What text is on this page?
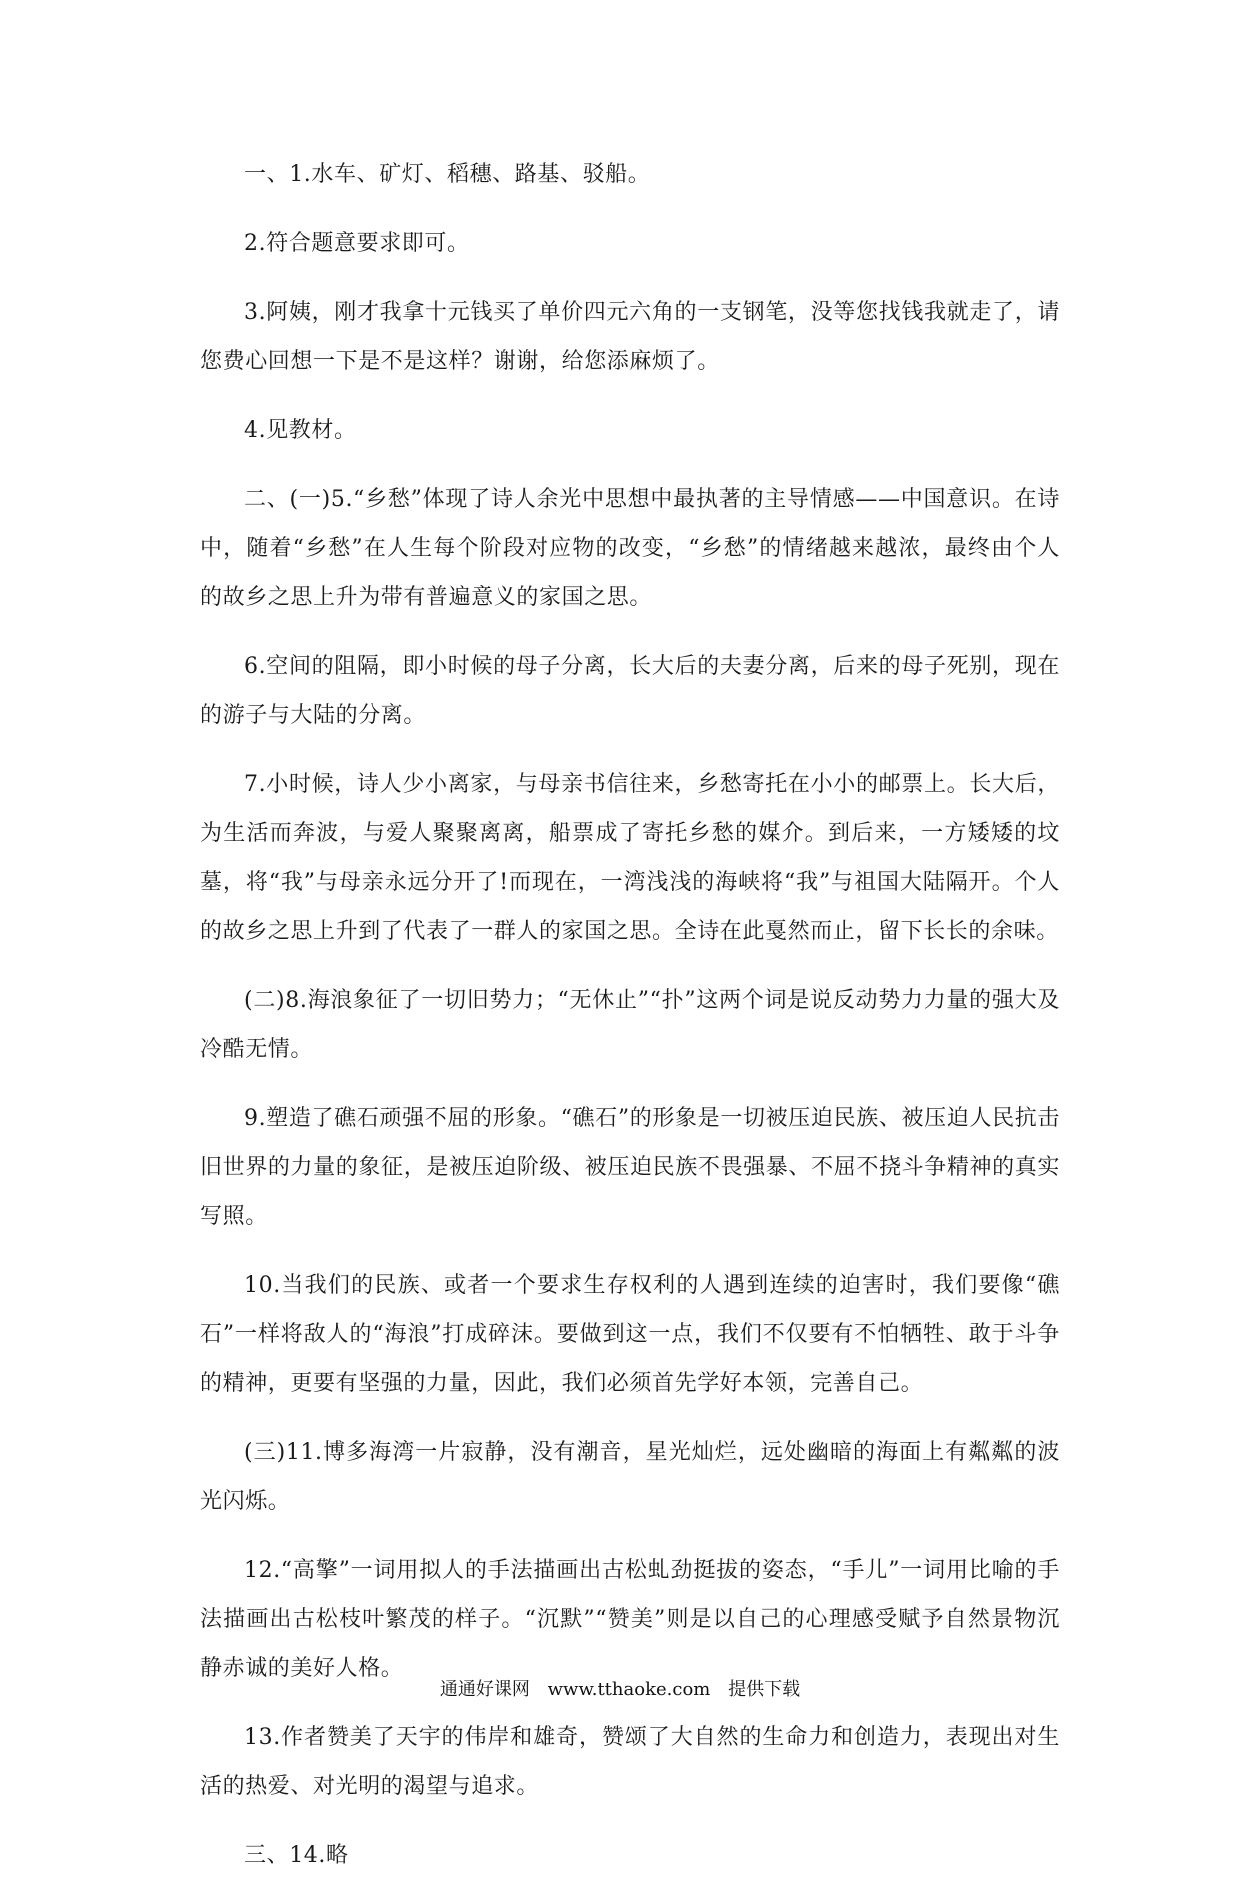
一、1.水车、矿灯、稻穗、路基、驳船。

2.符合题意要求即可。

3.阿姨，刚才我拿十元钱买了单价四元六角的一支钢笔，没等您找钱我就走了，请您费心回想一下是不是这样？谢谢，给您添麻烦了。

4.见教材。

二、(一)5.“乡愁”体现了诗人余光中思想中最执著的主导情感——中国意识。在诗中，随着“乡愁”在人生每个阶段对应物的改变，“乡愁”的情绪越来越浓，最终由个人的故乡之思上升为带有普遍意义的家国之思。

6.空间的阻隔，即小时候的母子分离，长大后的夫妻分离，后来的母子死别，现在的游子与大陆的分离。

7.小时候，诗人少小离家，与母亲书信往来，乡愁寄托在小小的邮票上。长大后，为生活而奔波，与爱人聚聚离离，船票成了寄托乡愁的媒介。到后来，一方矮矮的坟墓，将“我”与母亲永远分开了!而现在，一湾浅浅的海峡将“我”与祖国大陆隔开。个人的故乡之思上升到了代表了一群人的家国之思。全诗在此戛然而止，留下长长的余味。

(二)8.海浪象征了一切旧势力；“无休止”“扑”这两个词是说反动势力力量的强大及冷酷无情。

9.塑造了礁石顽强不屈的形象。“礁石”的形象是一切被压迫民族、被压迫人民抗击旧世界的力量的象征，是被压迫阶级、被压迫民族不畏强暴、不屈不挠斗争精神的真实写照。

10.当我们的民族、或者一个要求生存权利的人遇到连续的迫害时，我们要像“礁石”一样将敌人的“海浪”打成碎沫。要做到这一点，我们不仅要有不怕牺牲、敢于斗争的精神，更要有坚强的力量，因此，我们必须首先学好本领，完善自己。

(三)11.博多海湾一片寂静，没有潮音，星光灿烂，远处幽暗的海面上有粼粼的波光闪烁。

12.“高擎”一词用拟人的手法描画出古松虬劲挺拔的姿态，“手儿”一词用比喻的手法描画出古松枝叶繁茂的样子。“沉默”“赞美”则是以自己的心理感受赋予自然景物沉静赤诚的美好人格。

13.作者赞美了天宇的伟岸和雄奇，赞颂了大自然的生命力和创造力，表现出对生活的热爱、对光明的渴望与追求。

三、14.略

通通好课网 www.tthaoke.com 提供下载
